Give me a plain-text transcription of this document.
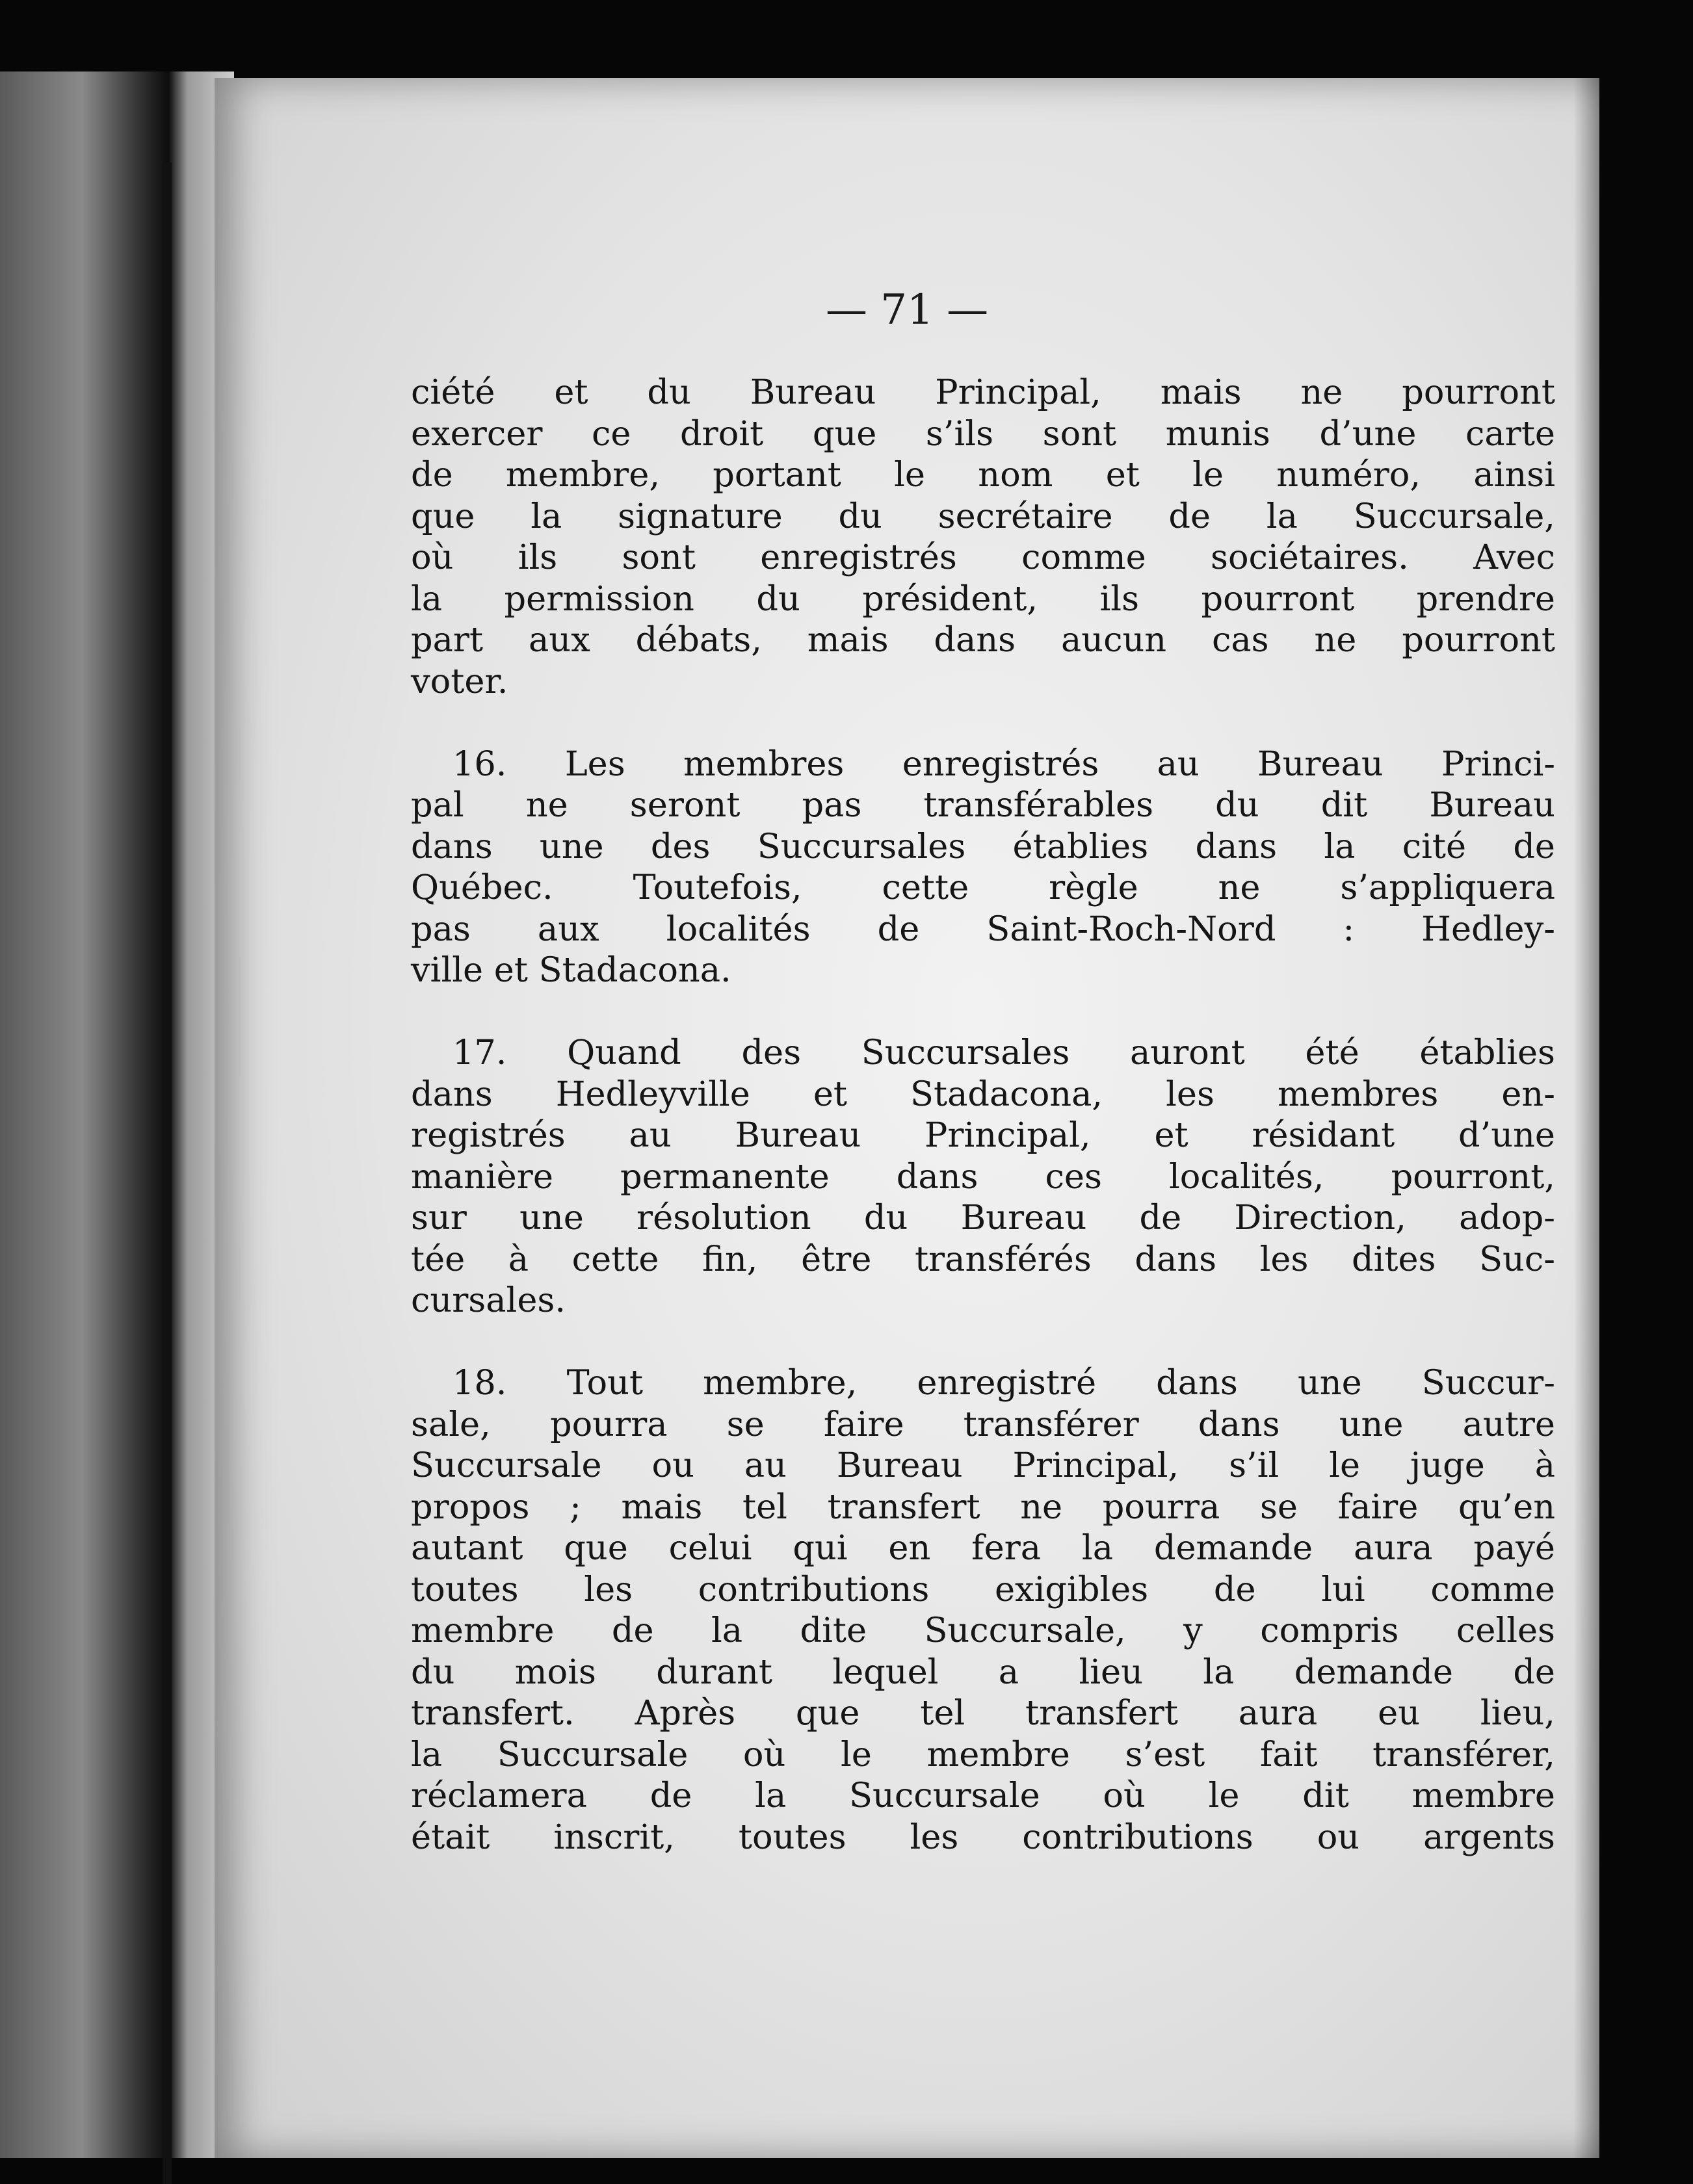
— 71 —

ciété et du Bureau Principal, mais ne pourront
exercer ce droit que s’ils sont munis d’une carte
de membre, portant le nom et le numéro, ainsi
que la signature du secrétaire de la Succursale,
où ils sont enregistrés comme sociétaires. Avec
la permission du président, ils pourront prendre
part aux débats, mais dans aucun cas ne pourront
voter.

16. Les membres enregistrés au Bureau Princi-
pal ne seront pas transférables du dit Bureau
dans une des Succursales établies dans la cité de
Québec. Toutefois, cette règle ne s’appliquera
pas aux localités de Saint-Roch-Nord : Hedley-
ville et Stadacona.

17. Quand des Succursales auront été établies
dans Hedleyville et Stadacona, les membres en-
registrés au Bureau Principal, et résidant d’une
manière permanente dans ces localités, pourront,
sur une résolution du Bureau de Direction, adop-
tée à cette fin, être transférés dans les dites Suc-
cursales.

18. Tout membre, enregistré dans une Succur-
sale, pourra se faire transférer dans une autre
Succursale ou au Bureau Principal, s’il le juge à
propos ; mais tel transfert ne pourra se faire qu’en
autant que celui qui en fera la demande aura payé
toutes les contributions exigibles de lui comme
membre de la dite Succursale, y compris celles
du mois durant lequel a lieu la demande de
transfert. Après que tel transfert aura eu lieu,
la Succursale où le membre s’est fait transférer,
réclamera de la Succursale où le dit membre
était inscrit, toutes les contributions ou argents
